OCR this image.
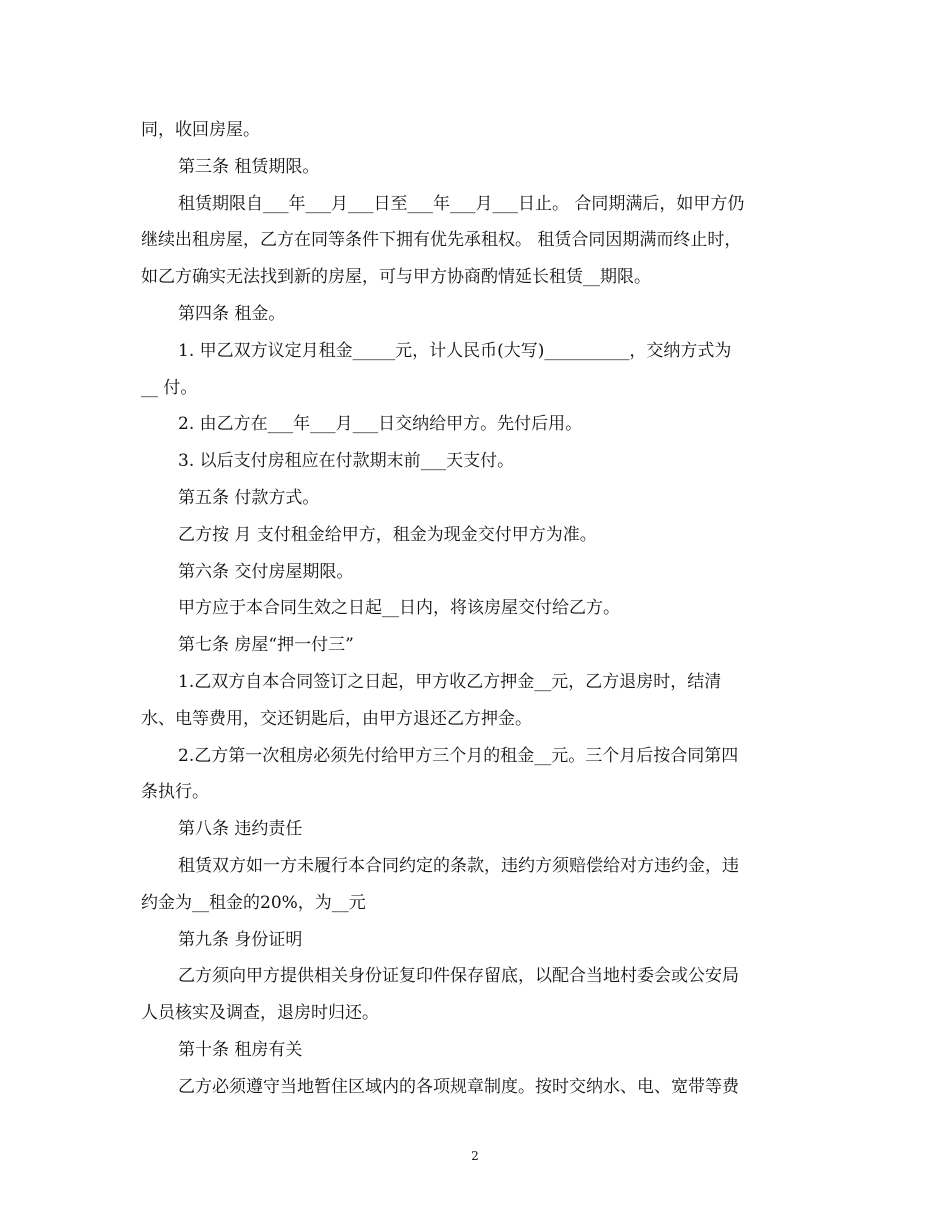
同，收回房屋。

第三条 租赁期限。

租赁期限自___年___月___日至___年___月___日止。 合同期满后，如甲方仍
继续出租房屋，乙方在同等条件下拥有优先承租权。 租赁合同因期满而终止时，
如乙方确实无法找到新的房屋，可与甲方协商酌情延长租赁__期限。

第四条 租金。

1. 甲乙双方议定月租金_____元，计人民币(大写)__________，交纳方式为
__ 付。

2. 由乙方在___年___月___日交纳给甲方。先付后用。

3. 以后支付房租应在付款期末前___天支付。

第五条 付款方式。

乙方按 月 支付租金给甲方，租金为现金交付甲方为准。

第六条 交付房屋期限。

甲方应于本合同生效之日起__日内，将该房屋交付给乙方。

第七条 房屋“押一付三”

1.乙双方自本合同签订之日起，甲方收乙方押金__元，乙方退房时，结清
水、电等费用，交还钥匙后，由甲方退还乙方押金。

2.乙方第一次租房必须先付给甲方三个月的租金__元。三个月后按合同第四
条执行。

第八条 违约责任

租赁双方如一方未履行本合同约定的条款，违约方须赔偿给对方违约金，违
约金为__租金的20%，为__元

第九条 身份证明

乙方须向甲方提供相关身份证复印件保存留底，以配合当地村委会或公安局
人员核实及调查，退房时归还。

第十条 租房有关

乙方必须遵守当地暂住区域内的各项规章制度。按时交纳水、电、宽带等费

2
